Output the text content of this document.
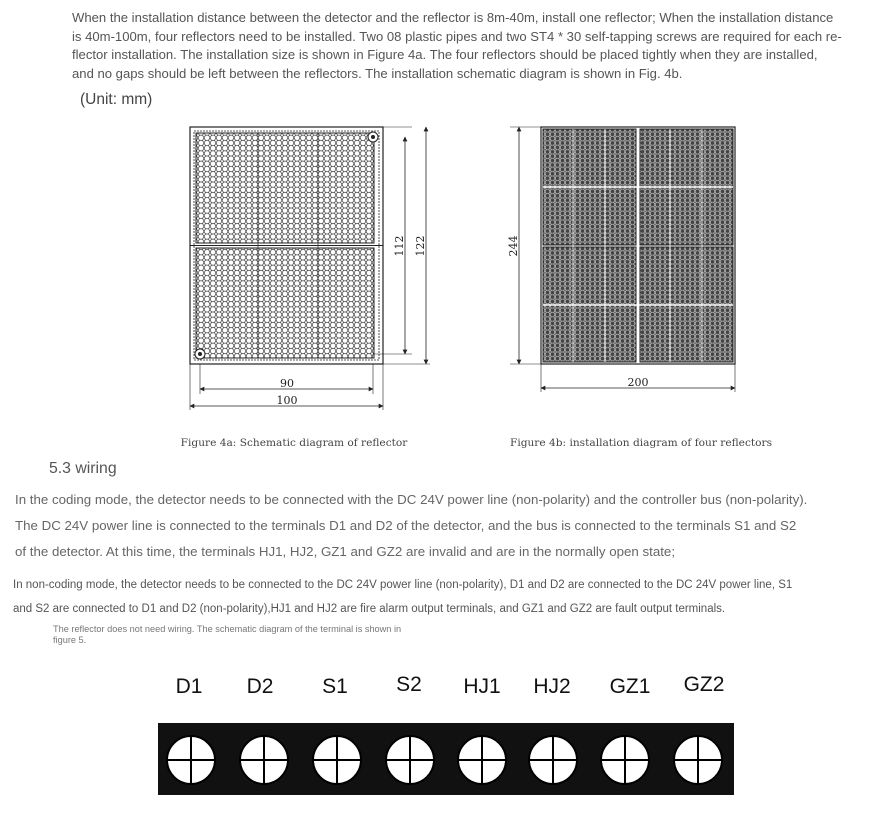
When the installation distance between the detector and the reflector is 8m-40m, install one reflector; When the installation distance
is 40m-100m, four reflectors need to be installed. Two 08 plastic pipes and two ST4 * 30 self-tapping screws are required for each re-
flector installation. The installation size is shown in Figure 4a. The four reflectors should be placed tightly when they are installed,
and no gaps should be left between the reflectors. The installation schematic diagram is shown in Fig. 4b.
(Unit: mm)
112 122
90
100
244
200
Figure 4a: Schematic diagram of reflector	Figure 4b: installation diagram of four reflectors
5.3 wiring
In the coding mode, the detector needs to be connected with the DC 24V power line (non-polarity) and the controller bus (non-polarity).
The DC 24V power line is connected to the terminals D1 and D2 of the detector, and the bus is connected to the terminals S1 and S2
of the detector. At this time, the terminals HJ1, HJ2, GZ1 and GZ2 are invalid and are in the normally open state;
In non-coding mode, the detector needs to be connected to the DC 24V power line (non-polarity), D1 and D2 are connected to the DC 24V power line, S1
and S2 are connected to D1 and D2 (non-polarity),HJ1 and HJ2 are fire alarm output terminals, and GZ1 and GZ2 are fault output terminals.
The reflector does not need wiring. The schematic diagram of the terminal is shown in
figure 5.
D1 D2 S1 S2 HJ1 HJ2 GZ1 GZ2
